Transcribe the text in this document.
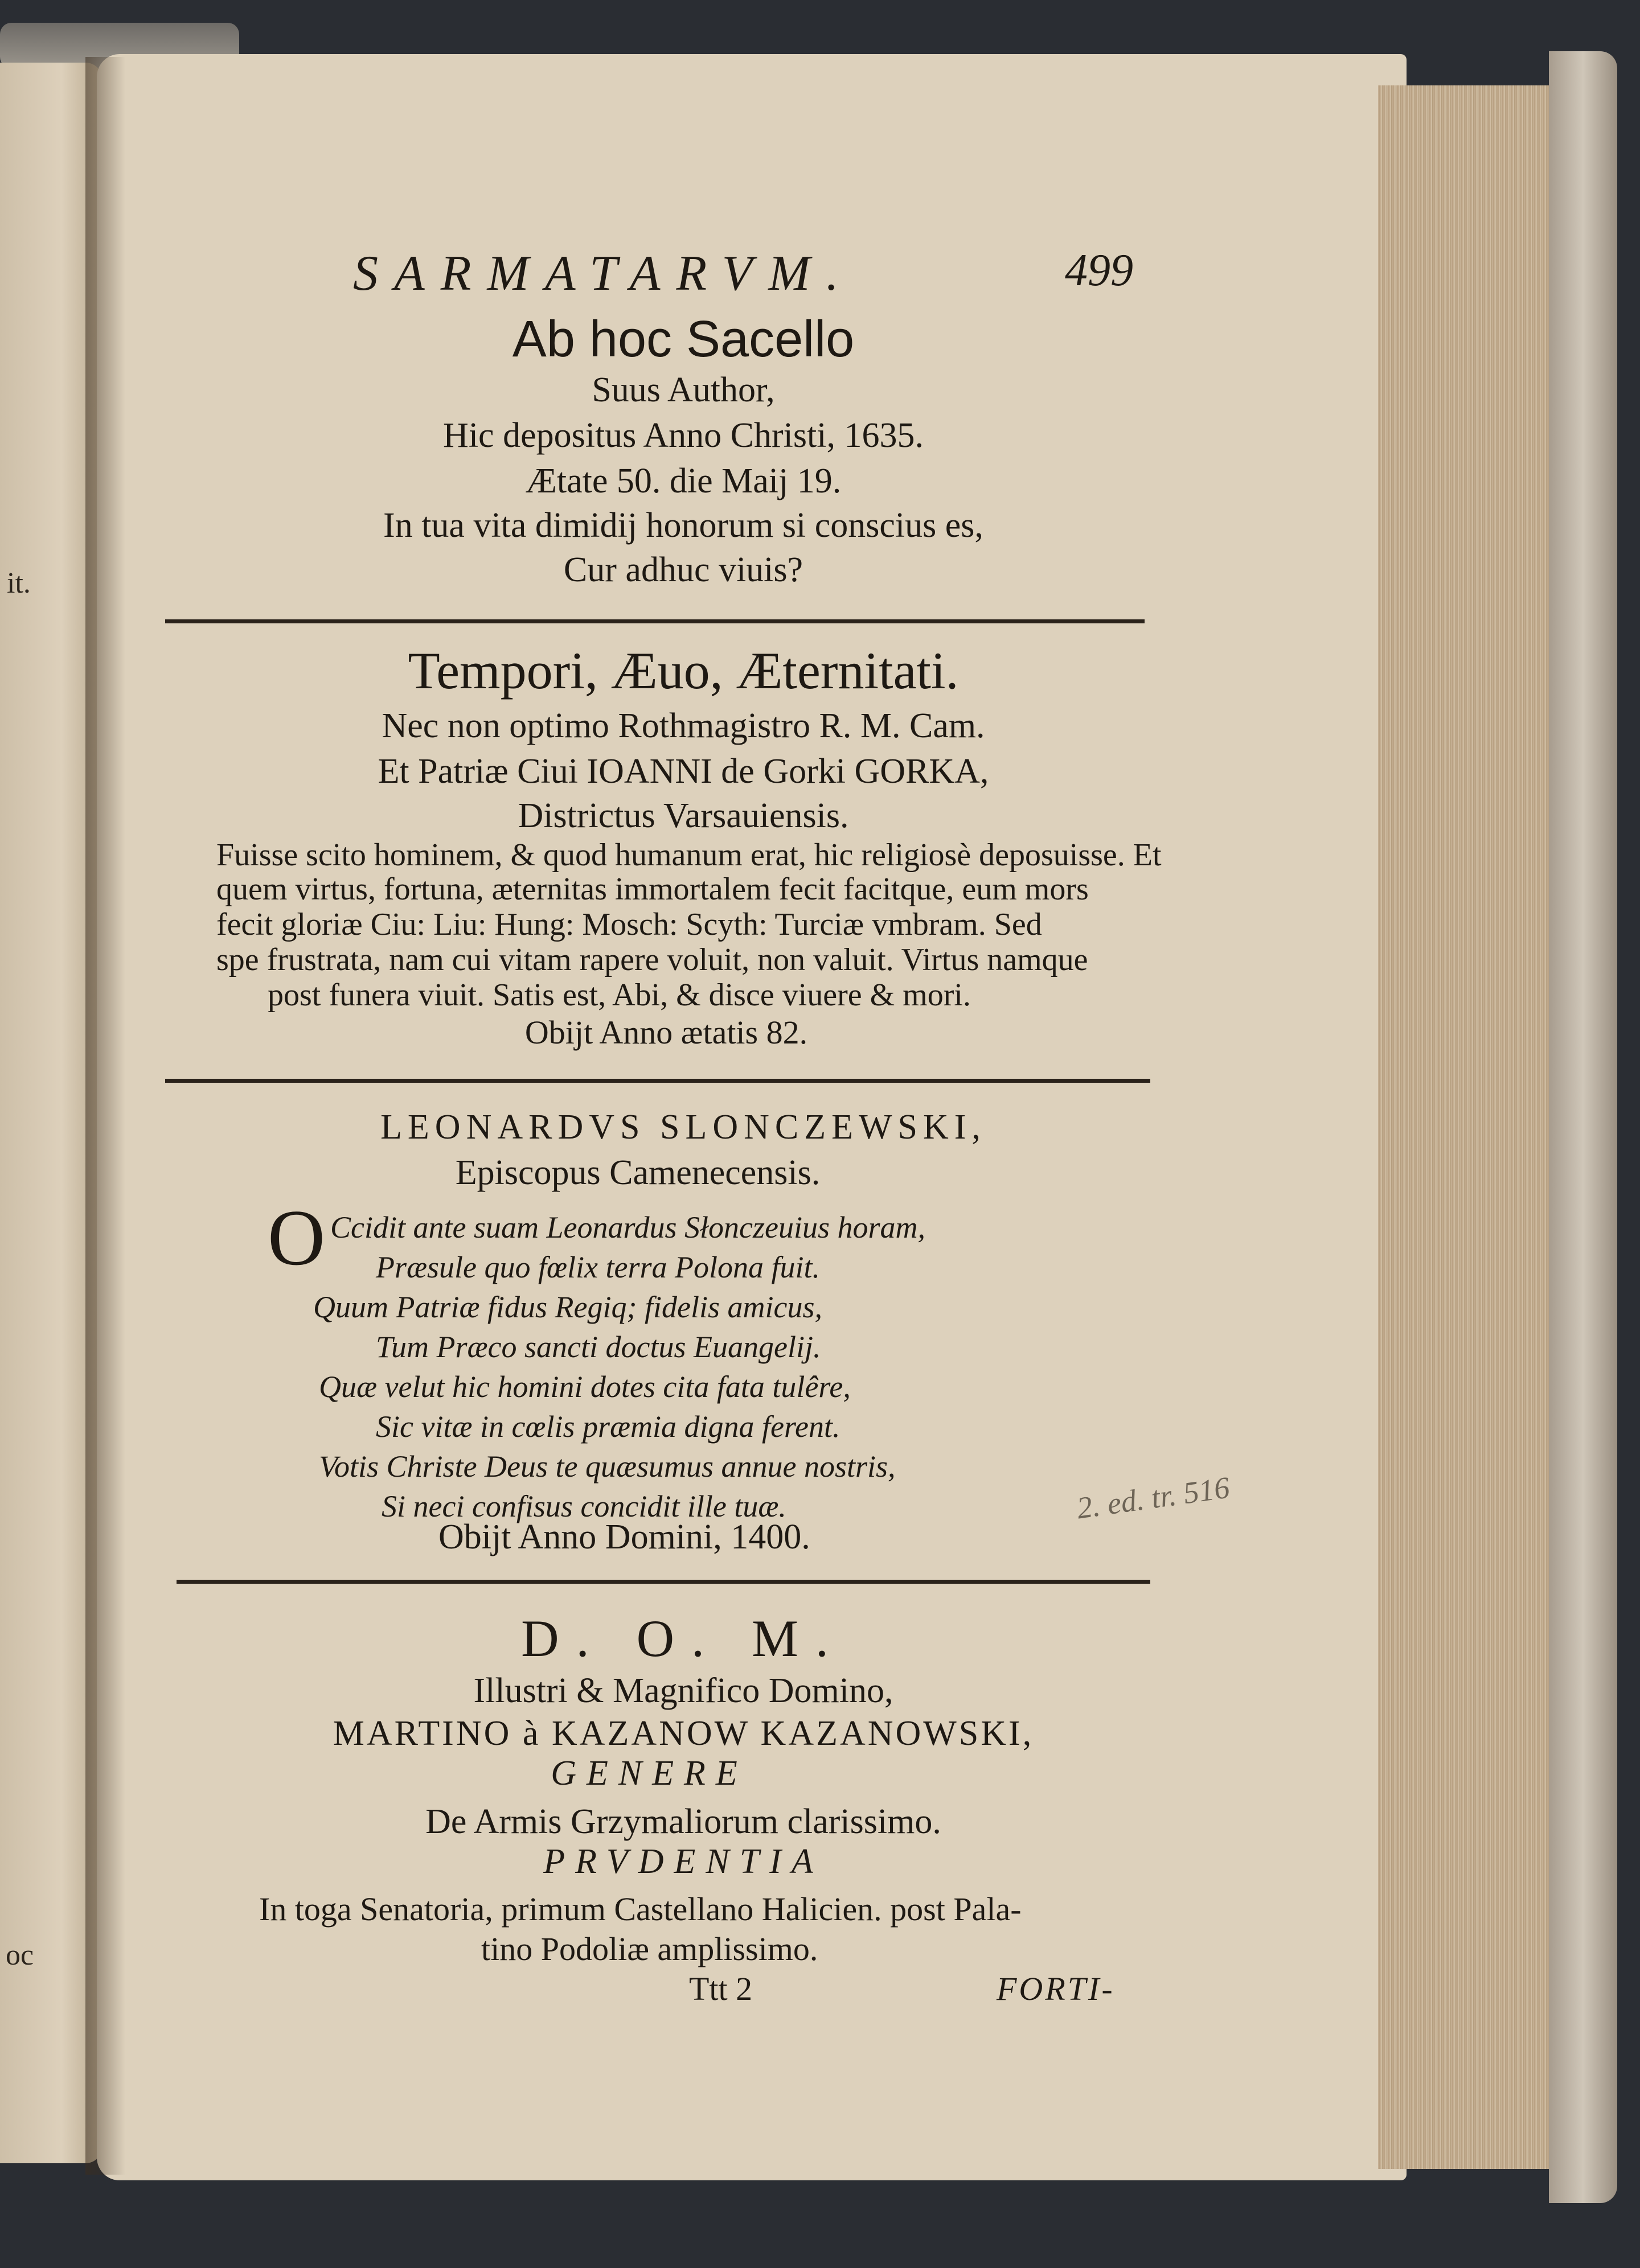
it.
oc
SARMATARVM.	499
Ab hoc Sacello
Suus Author,
Hic depositus Anno Christi, 1635.
Ætate 50. die Maij 19.
In tua vita dimidij honorum si conscius es,
Cur adhuc viuis?
Tempori, Æuo, Æternitati.
Nec non optimo Rothmagistro R. M. Cam.
Et Patriæ Ciui IOANNI de Gorki GORKA,
Districtus Varsauiensis.
Fuisse scito hominem, & quod humanum erat, hic religiosè deposuisse. Et
quem virtus, fortuna, æternitas immortalem fecit facitque, eum mors
fecit gloriæ Ciu: Liu: Hung: Mosch: Scyth: Turciæ vmbram. Sed
spe frustrata, nam cui vitam rapere voluit, non valuit. Virtus namque
post funera viuit. Satis est, Abi, & disce viuere & mori.
Obijt Anno ætatis 82.
LEONARDVS SLONCZEWSKI,
Episcopus Camenecensis.
O Ccidit ante suam Leonardus Słonczeuius horam,
Præsule quo fœlix terra Polona fuit.
Quum Patriæ fidus Regiq; fidelis amicus,
Tum Præco sancti doctus Euangelij.
Quæ velut hic homini dotes cita fata tulêre,
Sic vitæ in cœlis præmia digna ferent.
Votis Christe Deus te quæsumus annue nostris,
Si neci confisus concidit ille tuæ.
Obijt Anno Domini, 1400.
2. ed. tr. 516
D. O. M.
Illustri & Magnifico Domino,
MARTINO à KAZANOW KAZANOWSKI,
GENERE
De Armis Grzymaliorum clarissimo.
PRVDENTIA
In toga Senatoria, primum Castellano Halicien. post Pala-
tino Podoliæ amplissimo.
Ttt 2	FORTI-
